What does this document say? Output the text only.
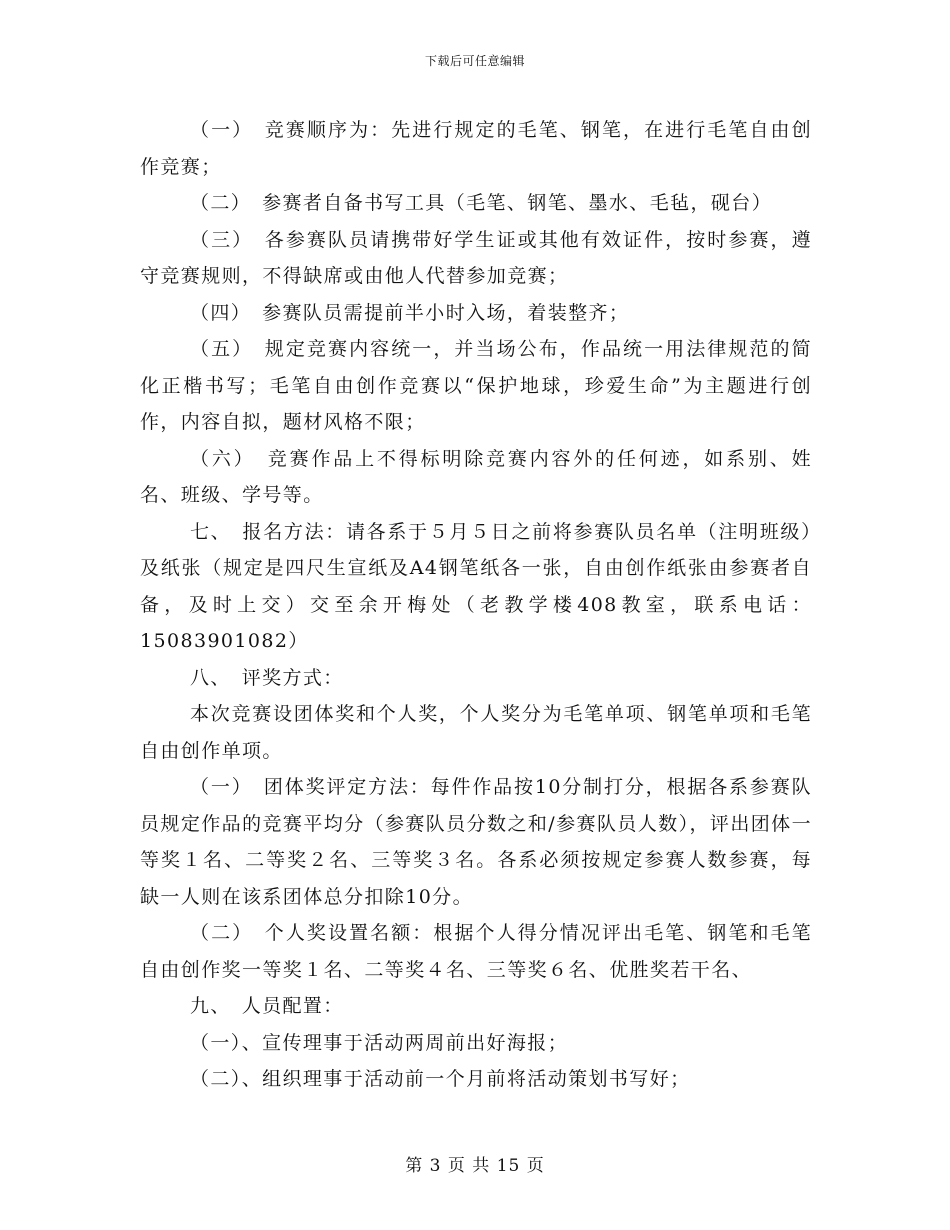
下载后可任意编辑

（一）　竞赛顺序为：先进行规定的毛笔、钢笔，在进行毛笔自由创作竞赛；

（二）　参赛者自备书写工具（毛笔、钢笔、墨水、毛毡，砚台）

（三）　各参赛队员请携带好学生证或其他有效证件，按时参赛，遵守竞赛规则，不得缺席或由他人代替参加竞赛；

（四）　参赛队员需提前半小时入场，着装整齐；

（五）　规定竞赛内容统一，并当场公布，作品统一用法律规范的简化正楷书写；毛笔自由创作竞赛以“保护地球，珍爱生命”为主题进行创作，内容自拟，题材风格不限；

（六）　竞赛作品上不得标明除竞赛内容外的任何迹，如系别、姓名、班级、学号等。

七、　报名方法：请各系于５月５日之前将参赛队员名单（注明班级）及纸张（规定是四尺生宣纸及A4钢笔纸各一张，自由创作纸张由参赛者自备，及时上交）交至余开梅处（老教学楼408教室，联系电话：15083901082）

八、　评奖方式：

本次竞赛设团体奖和个人奖，个人奖分为毛笔单项、钢笔单项和毛笔自由创作单项。

（一）　团体奖评定方法：每件作品按10分制打分，根据各系参赛队员规定作品的竞赛平均分（参赛队员分数之和/参赛队员人数），评出团体一等奖１名、二等奖２名、三等奖３名。各系必须按规定参赛人数参赛，每缺一人则在该系团体总分扣除10分。

（二）　个人奖设置名额：根据个人得分情况评出毛笔、钢笔和毛笔自由创作奖一等奖１名、二等奖４名、三等奖６名、优胜奖若干名、

九、　人员配置：

（一）、宣传理事于活动两周前出好海报；

（二）、组织理事于活动前一个月前将活动策划书写好；

第 3 页 共 15 页
